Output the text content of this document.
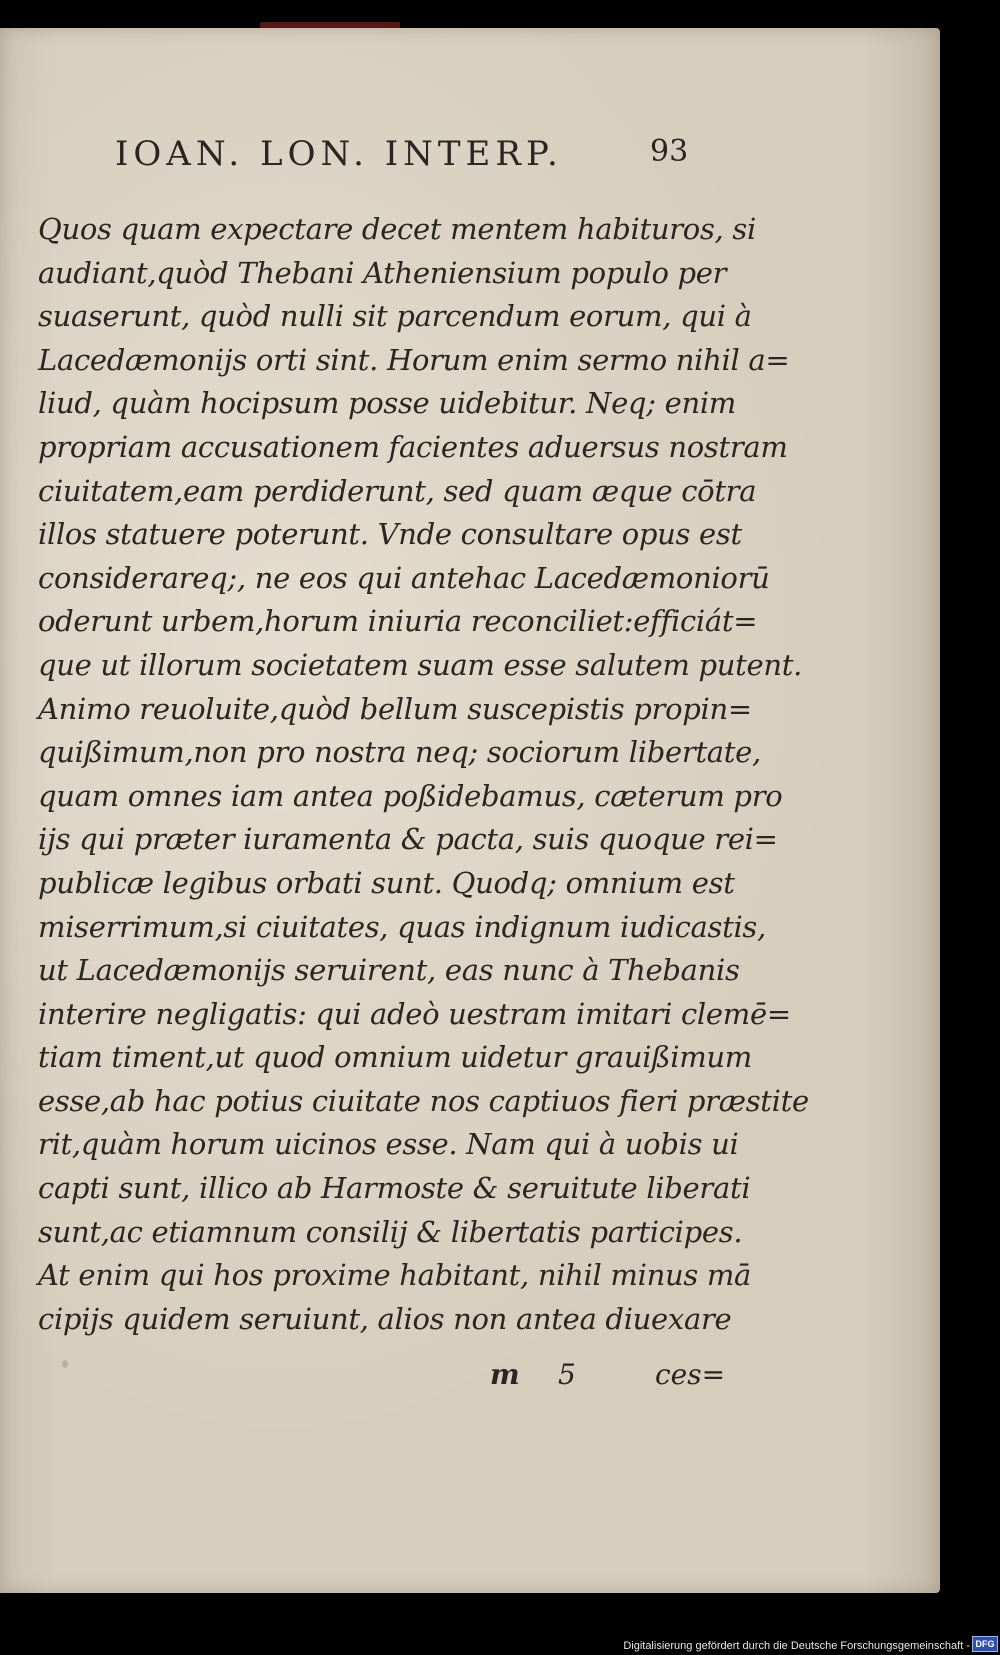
IOAN. LON. INTERP.	93
Quos quam expectare decet mentem habituros, si
audiant,quòd Thebani Atheniensium populo per
suaserunt, quòd nulli sit parcendum eorum, qui à
Lacedæmonijs orti sint. Horum enim sermo nihil a=
liud, quàm hocipsum posse uidebitur. Neq; enim
propriam accusationem facientes aduersus nostram
ciuitatem,eam perdiderunt, sed quam æque cōtra
illos statuere poterunt. Vnde consultare opus est
considerareq;, ne eos qui antehac Lacedæmoniorū
oderunt urbem,horum iniuria reconciliet:efficiát=
que ut illorum societatem suam esse salutem putent.
Animo reuoluite,quòd bellum suscepistis propin=
quißimum,non pro nostra neq; sociorum libertate,
quam omnes iam antea poßidebamus, cæterum pro
ijs qui præter iuramenta & pacta, suis quoque rei=
publicæ legibus orbati sunt. Quodq; omnium est
miserrimum,si ciuitates, quas indignum iudicastis,
ut Lacedæmonijs seruirent, eas nunc à Thebanis
interire negligatis: qui adeò uestram imitari clemē=
tiam timent,ut quod omnium uidetur grauißimum
esse,ab hac potius ciuitate nos captiuos fieri præstite
rit,quàm horum uicinos esse. Nam qui à uobis ui
capti sunt, illico ab Harmoste & seruitute liberati
sunt,ac etiamnum consilij & libertatis participes.
At enim qui hos proxime habitant, nihil minus mā
cipijs quidem seruiunt, alios non antea diuexare
m 5	ces=
Digitalisierung gefördert durch die Deutsche Forschungsgemeinschaft - DFG
